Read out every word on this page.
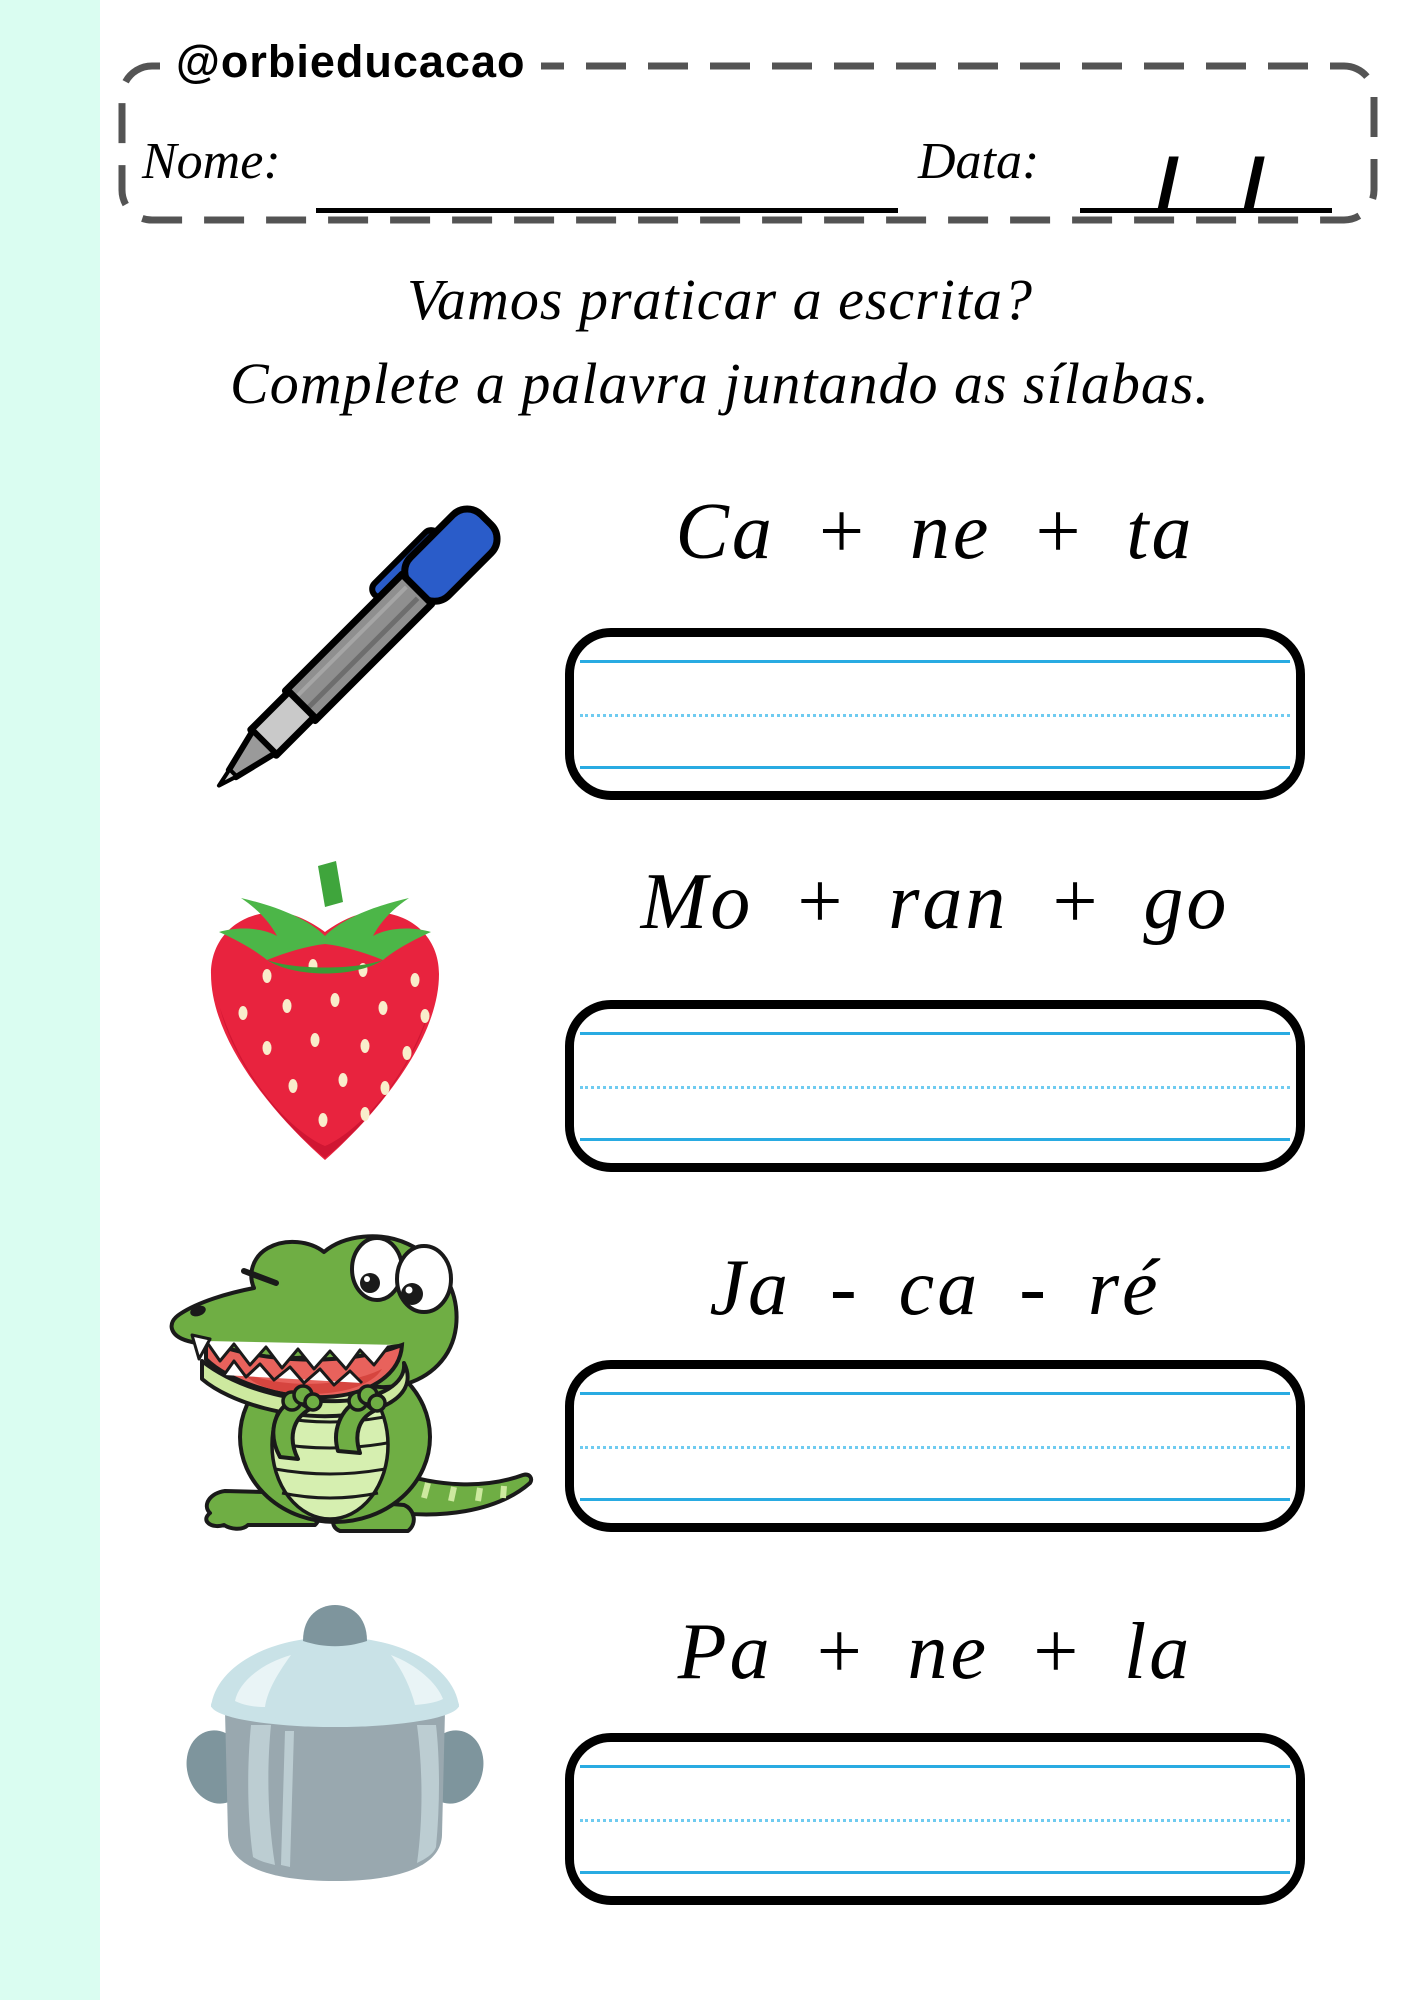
@orbieducacao
Nome:	Data: / /
Vamos praticar a escrita?
Complete a palavra juntando as sílabas.
Ca + ne + ta
Mo + ran + go
Ja - ca - ré
Pa + ne + la
